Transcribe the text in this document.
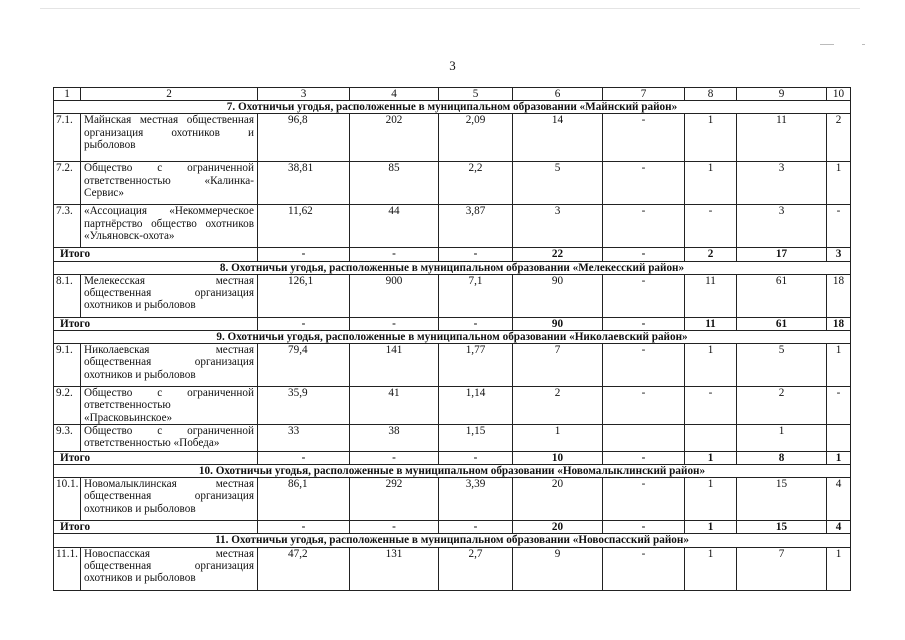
3
1	2	3	4	5	6	7	8	9	10
7. Охотничьи угодья, расположенные в муниципальном образовании «Майнский район»									
7.1.	Майнская местная общественная организация охотников и рыболовов	96,8	202	2,09	14	-	1	11	2
7.2.	Общество с ограниченной ответственностью «Калинка-Сервис»	38,81	85	2,2	5	-	1	3	1
7.3.	«Ассоциация «Некоммерческое партнёрство общество охотников «Ульяновск-охота»	11,62	44	3,87	3	-	-	3	-
Итого		-	-	-	22	-	2	17	3
8. Охотничьи угодья, расположенные в муниципальном образовании «Мелекесский район»									
8.1.	Мелекесская местная общественная организация охотников и рыболовов	126,1	900	7,1	90	-	11	61	18
Итого		-	-	-	90	-	11	61	18
9. Охотничьи угодья, расположенные в муниципальном образовании «Николаевский район»									
9.1.	Николаевская местная общественная организация охотников и рыболовов	79,4	141	1,77	7	-	1	5	1
9.2.	Общество с ограниченной ответственностью «Прасковьинское»	35,9	41	1,14	2	-	-	2	-
9.3.	Общество с ограниченной ответственностью «Победа»	33	38	1,15	1			1	
Итого		-	-	-	10	-	1	8	1
10. Охотничьи угодья, расположенные в муниципальном образовании «Новомалыклинский район»									
10.1.	Новомалыклинская местная общественная организация охотников и рыболовов	86,1	292	3,39	20	-	1	15	4
Итого		-	-	-	20	-	1	15	4
11. Охотничьи угодья, расположенные в муниципальном образовании «Новоспасский район»									
11.1.	Новоспасская местная общественная организация охотников и рыболовов	47,2	131	2,7	9	-	1	7	1
